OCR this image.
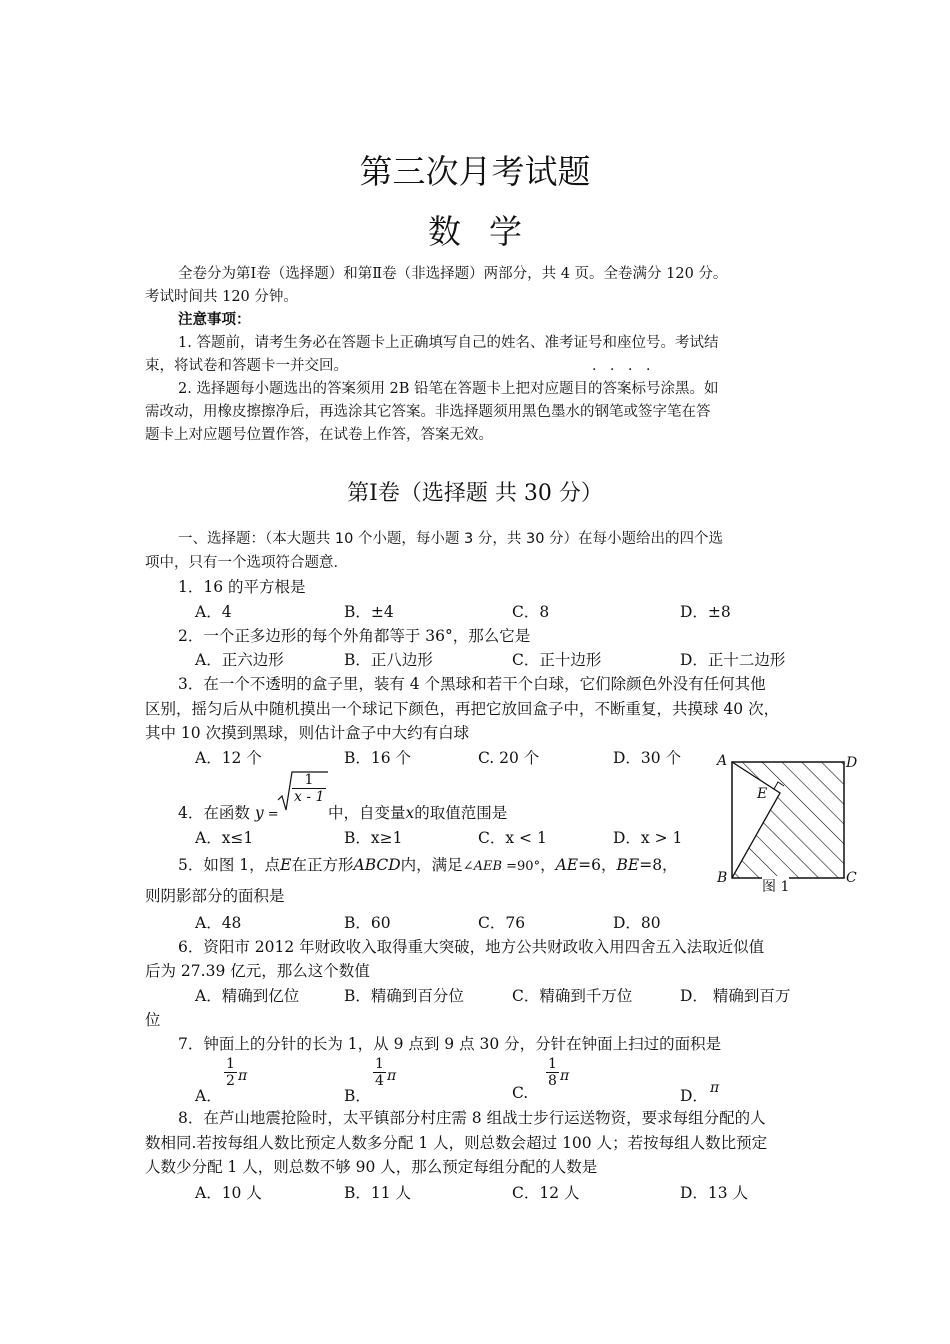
第三次月考试题
数学
全卷分为第Ⅰ卷（选择题）和第Ⅱ卷（非选择题）两部分，共 4 页。全卷满分 120 分。
考试时间共 120 分钟。
注意事项：
1. 答题前，请考生务必在答题卡上正确填写自己的姓名、准考证号和座位号。考试结
束，将试卷和答题卡一并交回。	· · · ·
2. 选择题每小题选出的答案须用 2B 铅笔在答题卡上把对应题目的答案标号涂黑。如
需改动，用橡皮擦擦净后，再选涂其它答案。非选择题须用黑色墨水的钢笔或签字笔在答
题卡上对应题号位置作答，在试卷上作答，答案无效。
第Ⅰ卷（选择题 共 30 分）
一、选择题：（本大题共 10 个小题，每小题 3 分，共 30 分）在每小题给出的四个选
项中，只有一个选项符合题意．
1．16 的平方根是
A．4	B．±4	C．8	D．±8
2．一个正多边形的每个外角都等于 36°，那么它是
A．正六边形	B．正八边形	C．正十边形	D．正十二边形
3．在一个不透明的盒子里，装有 4 个黑球和若干个白球，它们除颜色外没有任何其他
区别，摇匀后从中随机摸出一个球记下颜色，再把它放回盒子中，不断重复，共摸球 40 次，
其中 10 次摸到黑球，则估计盒子中大约有白球
A．12 个	B．16 个	C. 20 个	D．30 个
4．在函数 y =
$\frac{1}{x - 1}$
中，自变量x的取值范围是
A．x≤1	B．x≥1	C．x < 1	D．x > 1
5．如图 1，点E在正方形ABCD内，满足∠AEB =90°，AE=6，BE=8，
则阴影部分的面积是
A．48	B．60	C．76	D．80
A	D
E
B	C
图 1
6．资阳市 2012 年财政收入取得重大突破，地方公共财政收入用四舍五入法取近似值
后为 27.39 亿元，那么这个数值
A．精确到亿位	B．精确到百分位	C．精确到千万位	D． 精确到百万
位
7．钟面上的分针的长为 1，从 9 点到 9 点 30 分，分针在钟面上扫过的面积是
A．
$\frac{1}{2}$ π
B．
$\frac{1}{4}$ π
C.
$\frac{1}{8}$ π
D． π
8．在芦山地震抢险时，太平镇部分村庄需 8 组战士步行运送物资，要求每组分配的人
数相同.若按每组人数比预定人数多分配 1 人，则总数会超过 100 人；若按每组人数比预定
人数少分配 1 人，则总数不够 90 人，那么预定每组分配的人数是
A．10 人	B．11 人	C．12 人	D．13 人
